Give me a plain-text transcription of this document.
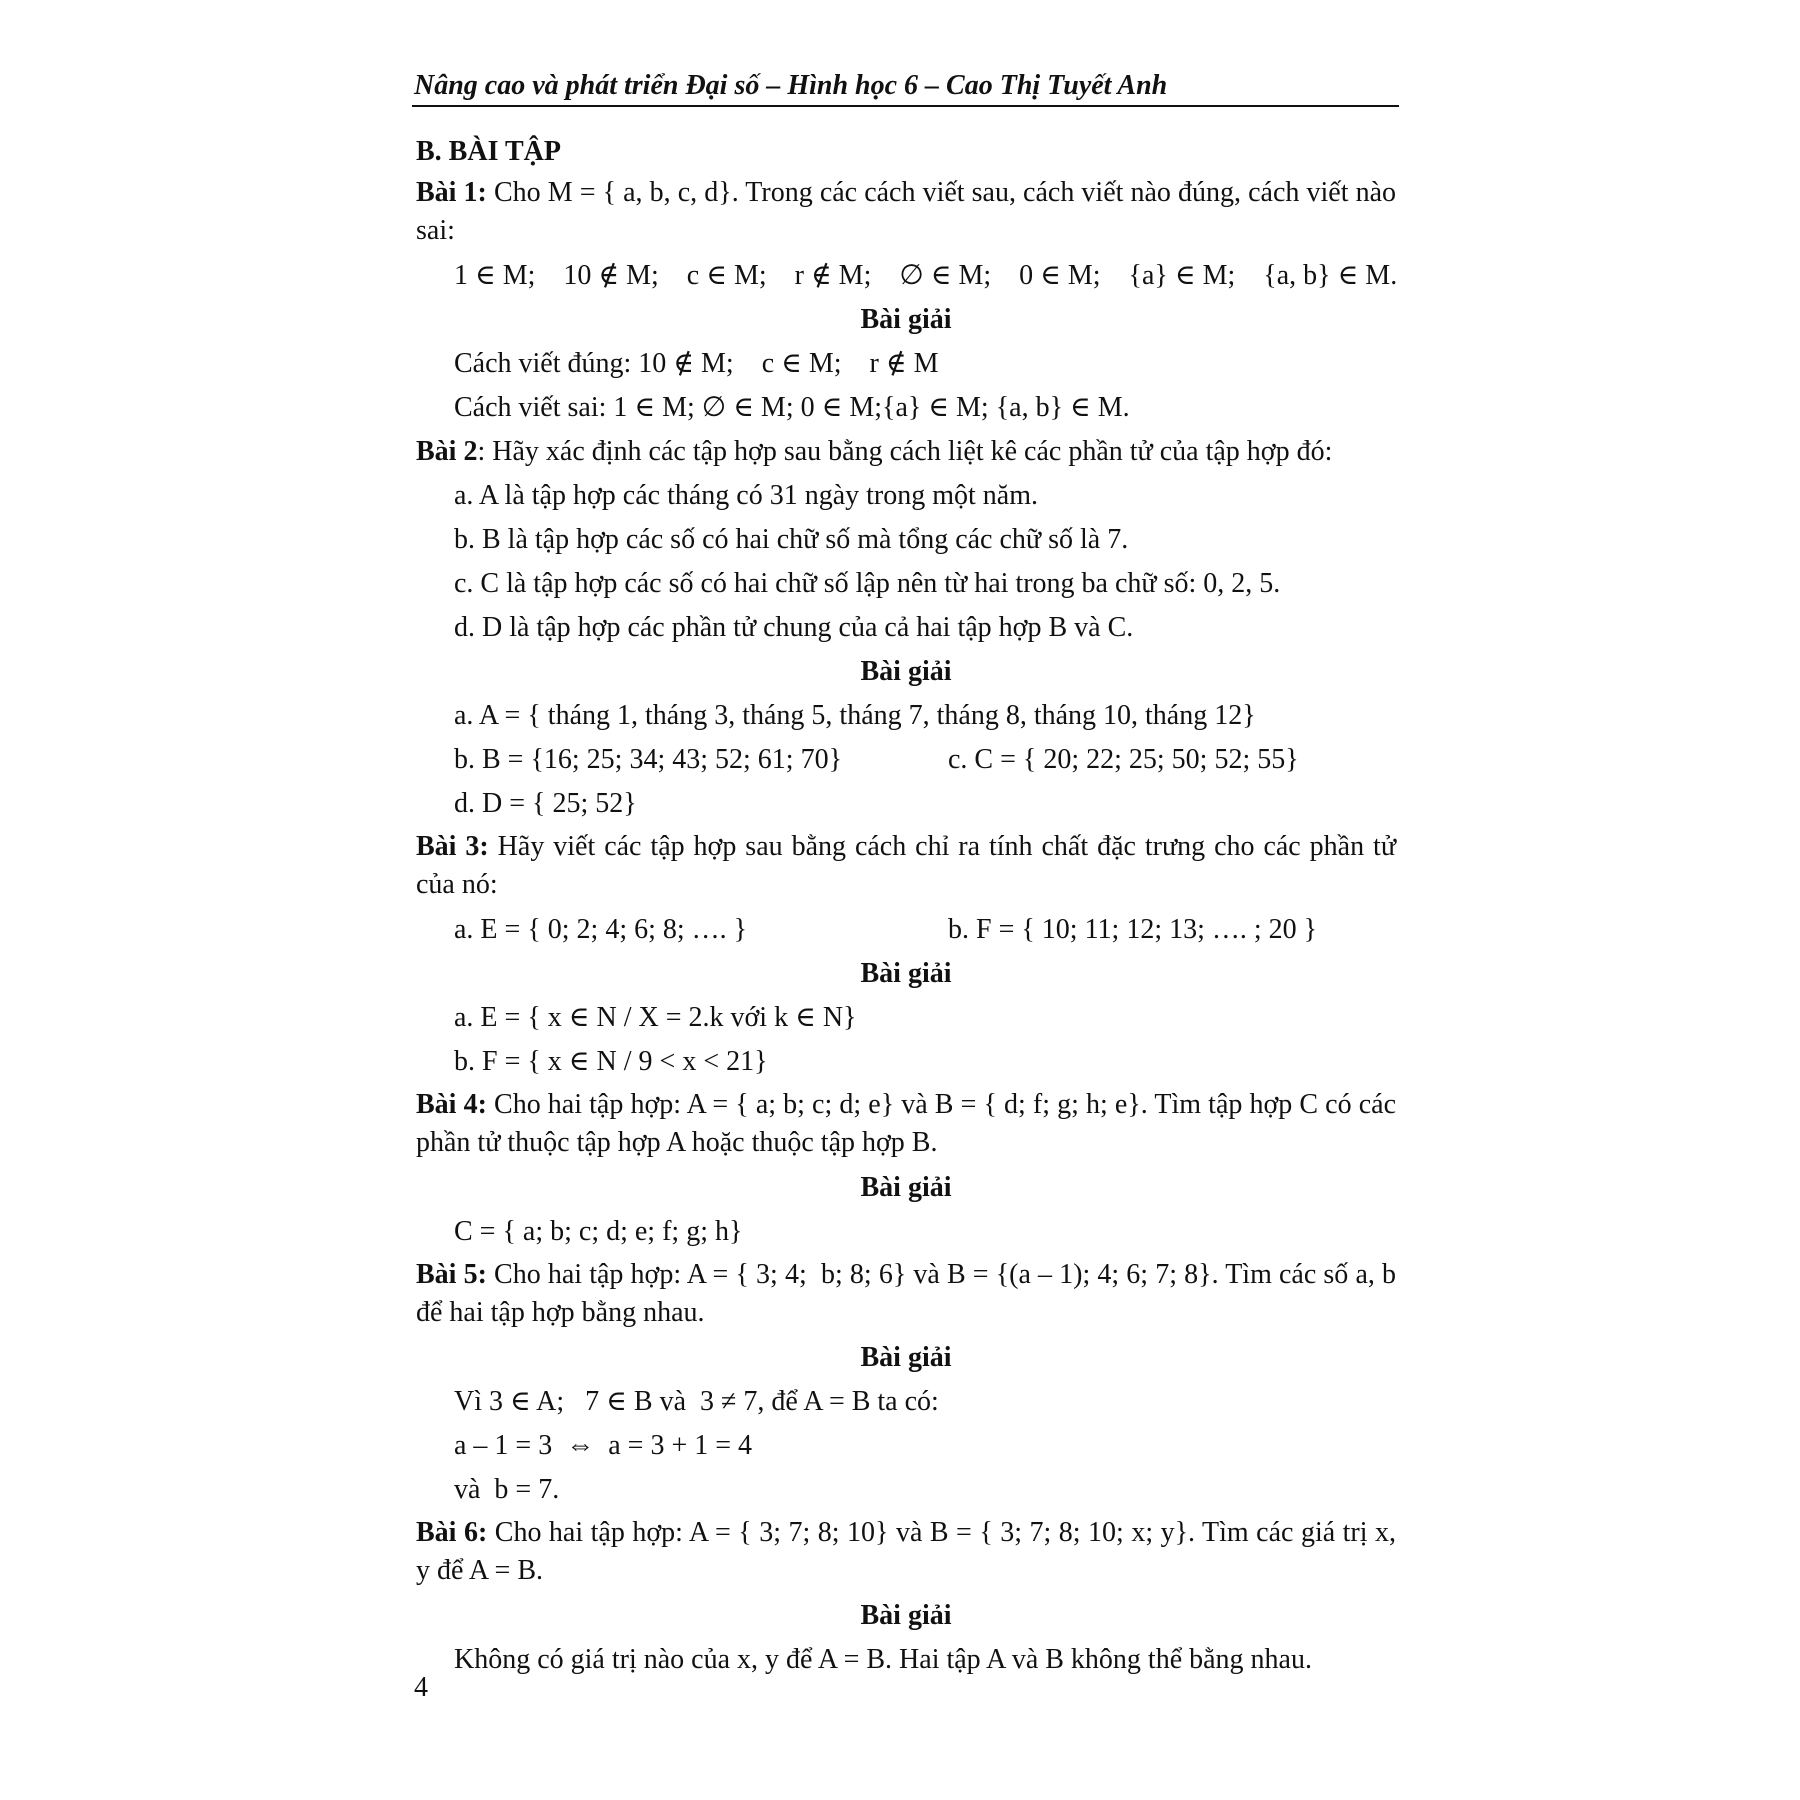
Nâng cao và phát triển Đại số – Hình học 6 – Cao Thị Tuyết Anh
B. BÀI TẬP
Bài 1: Cho M = { a, b, c, d}. Trong các cách viết sau, cách viết nào đúng, cách viết nào sai:
1 ∈ M;    10 ∉ M;    c ∈ M;    r ∉ M;    ∅ ∈ M;    0 ∈ M;    {a} ∈ M;    {a, b} ∈ M.
Bài giải
Cách viết đúng: 10 ∉ M;    c ∈ M;    r ∉ M
Cách viết sai: 1 ∈ M; ∅ ∈ M; 0 ∈ M;{a} ∈ M; {a, b} ∈ M.
Bài 2: Hãy xác định các tập hợp sau bằng cách liệt kê các phần tử của tập hợp đó:
a. A là tập hợp các tháng có 31 ngày trong một năm.
b. B là tập hợp các số có hai chữ số mà tổng các chữ số là 7.
c. C là tập hợp các số có hai chữ số lập nên từ hai trong ba chữ số: 0, 2, 5.
d. D là tập hợp các phần tử chung của cả hai tập hợp B và C.
Bài giải
a. A = { tháng 1, tháng 3, tháng 5, tháng 7, tháng 8, tháng 10, tháng 12}
b. B = {16; 25; 34; 43; 52; 61; 70}	c. C = { 20; 22; 25; 50; 52; 55}
d. D = { 25; 52}
Bài 3: Hãy viết các tập hợp sau bằng cách chỉ ra tính chất đặc trưng cho các phần tử của nó:
a. E = { 0; 2; 4; 6; 8; …. }	b. F = { 10; 11; 12; 13; …. ; 20 }
Bài giải
a. E = { x ∈ N / X = 2.k với k ∈ N}
b. F = { x ∈ N / 9 < x < 21}
Bài 4: Cho hai tập hợp: A = { a; b; c; d; e} và B = { d; f; g; h; e}. Tìm tập hợp C có các phần tử thuộc tập hợp A hoặc thuộc tập hợp B.
Bài giải
C = { a; b; c; d; e; f; g; h}
Bài 5: Cho hai tập hợp: A = { 3; 4;  b; 8; 6} và B = {(a – 1); 4; 6; 7; 8}. Tìm các số a, b để hai tập hợp bằng nhau.
Bài giải
Vì 3 ∈ A;   7 ∈ B và  3 ≠ 7, để A = B ta có:
a – 1 = 3  ⇔  a = 3 + 1 = 4
và  b = 7.
Bài 6: Cho hai tập hợp: A = { 3; 7; 8; 10} và B = { 3; 7; 8; 10; x; y}. Tìm các giá trị x, y để A = B.
Bài giải
Không có giá trị nào của x, y để A = B. Hai tập A và B không thể bằng nhau.
4
